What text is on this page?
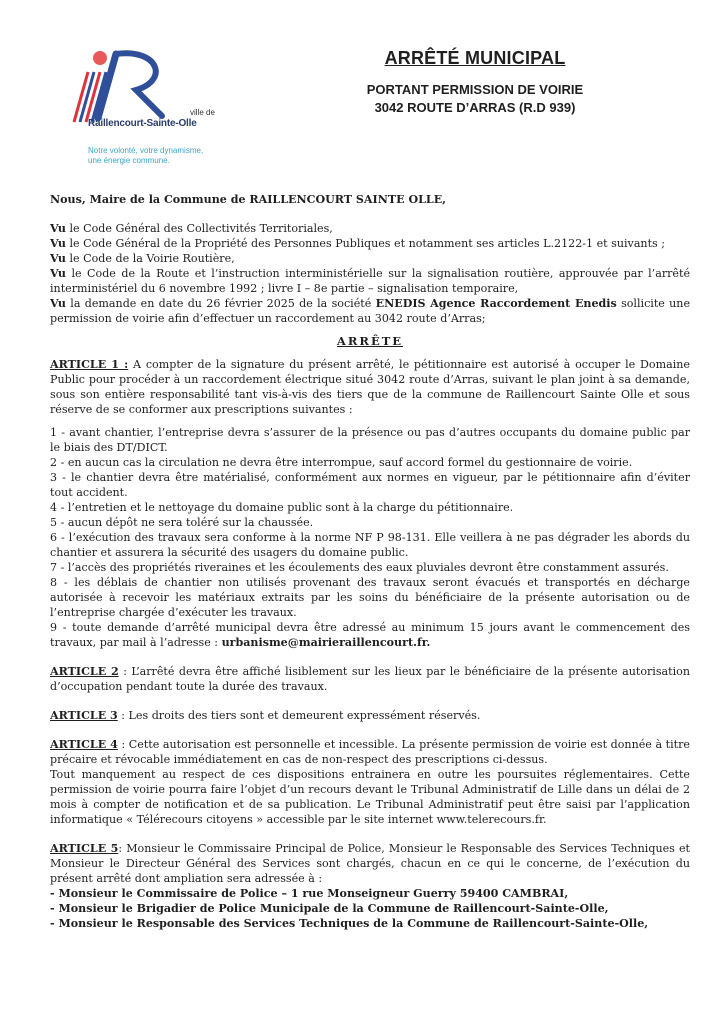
ville de
Raillencourt-Sainte-Olle
Notre volonté, votre dynamisme,
une énergie commune.
ARRÊTÉ MUNICIPAL
PORTANT PERMISSION DE VOIRIE
3042 ROUTE D’ARRAS (R.D 939)

Nous, Maire de la Commune de RAILLENCOURT SAINTE OLLE,

Vu le Code Général des Collectivités Territoriales,

Vu le Code Général de la Propriété des Personnes Publiques et notamment ses articles L.2122-1 et suivants ;

Vu le Code de la Voirie Routière,

Vu le Code de la Route et l’instruction interministérielle sur la signalisation routière, approuvée par l’arrêté interministériel du 6 novembre 1992 ; livre I – 8e partie – signalisation temporaire,

Vu la demande en date du 26 février 2025 de la société ENEDIS Agence Raccordement Enedis sollicite une permission de voirie afin d’effectuer un raccordement au 3042 route d’Arras;

ARRÊTE

ARTICLE 1 : A compter de la signature du présent arrêté, le pétitionnaire est autorisé à occuper le Domaine Public pour procéder à un raccordement électrique situé 3042 route d’Arras, suivant le plan joint à sa demande, sous son entière responsabilité tant vis-à-vis des tiers que de la commune de Raillencourt Sainte Olle et sous réserve de se conformer aux prescriptions suivantes :

1 - avant chantier, l’entreprise devra s’assurer de la présence ou pas d’autres occupants du domaine public par le biais des DT/DICT.

2 - en aucun cas la circulation ne devra être interrompue, sauf accord formel du gestionnaire de voirie.

3 - le chantier devra être matérialisé, conformément aux normes en vigueur, par le pétitionnaire afin d’éviter tout accident.

4 - l’entretien et le nettoyage du domaine public sont à la charge du pétitionnaire.

5 - aucun dépôt ne sera toléré sur la chaussée.

6 - l’exécution des travaux sera conforme à la norme NF P 98-131. Elle veillera à ne pas dégrader les abords du chantier et assurera la sécurité des usagers du domaine public.

7 - l’accès des propriétés riveraines et les écoulements des eaux pluviales devront être constamment assurés.

8 - les déblais de chantier non utilisés provenant des travaux seront évacués et transportés en décharge autorisée à recevoir les matériaux extraits par les soins du bénéficiaire de la présente autorisation ou de l’entreprise chargée d’exécuter les travaux.

9 - toute demande d’arrêté municipal devra être adressé au minimum 15 jours avant le commencement des travaux, par mail à l’adresse : urbanisme@mairieraillencourt.fr.

ARTICLE 2 : L’arrêté devra être affiché lisiblement sur les lieux par le bénéficiaire de la présente autorisation d’occupation pendant toute la durée des travaux.

ARTICLE 3 : Les droits des tiers sont et demeurent expressément réservés.

ARTICLE 4 : Cette autorisation est personnelle et incessible. La présente permission de voirie est donnée à titre précaire et révocable immédiatement en cas de non-respect des prescriptions ci-dessus.

Tout manquement au respect de ces dispositions entrainera en outre les poursuites réglementaires. Cette permission de voirie pourra faire l’objet d’un recours devant le Tribunal Administratif de Lille dans un délai de 2 mois à compter de notification et de sa publication. Le Tribunal Administratif peut être saisi par l’application informatique « Télérecours citoyens » accessible par le site internet www.telerecours.fr.

ARTICLE 5: Monsieur le Commissaire Principal de Police, Monsieur le Responsable des Services Techniques et Monsieur le Directeur Général des Services sont chargés, chacun en ce qui le concerne, de l’exécution du présent arrêté dont ampliation sera adressée à :

- Monsieur le Commissaire de Police – 1 rue Monseigneur Guerry 59400 CAMBRAI,

- Monsieur le Brigadier de Police Municipale de la Commune de Raillencourt-Sainte-Olle,

- Monsieur le Responsable des Services Techniques de la Commune de Raillencourt-Sainte-Olle,
